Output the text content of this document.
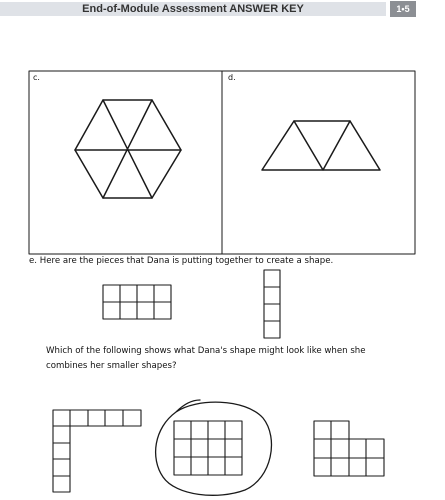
End-of-Module Assessment ANSWER KEY	1•5
c.	d.
e. Here are the pieces that Dana is putting together to create a shape.
Which of the following shows what Dana's shape might look like when she
combines her smaller shapes?
